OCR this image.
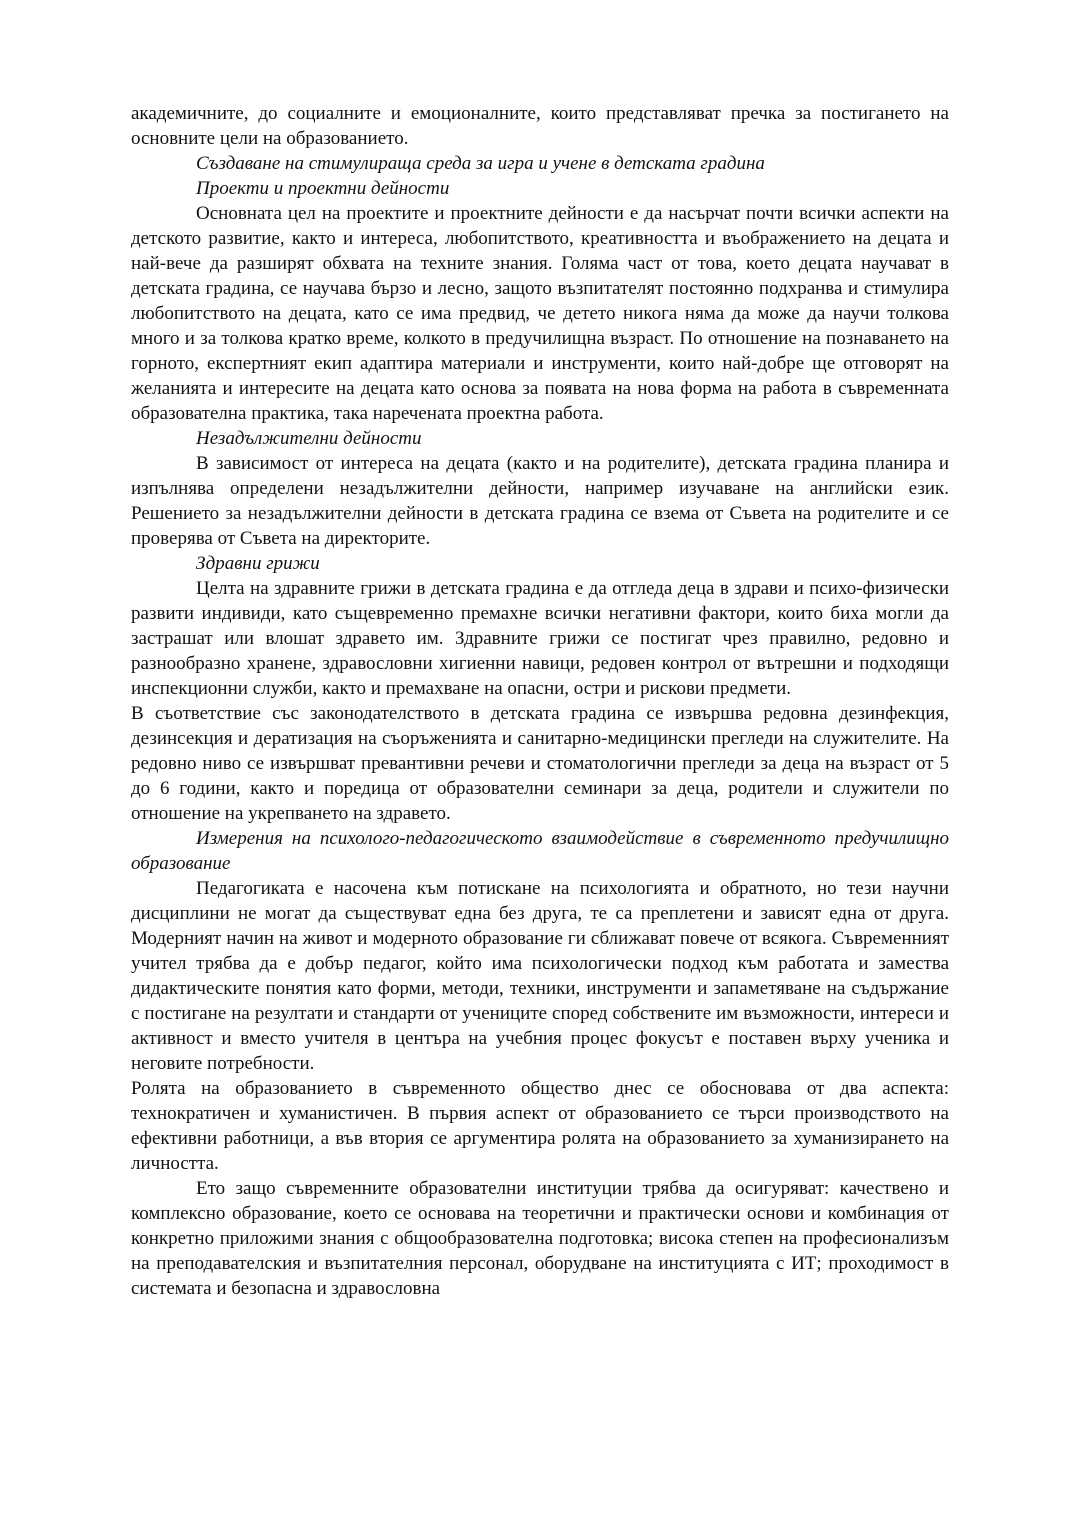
академичните, до социалните и емоционалните, които представляват пречка за постигането на основните цели на образованието.

Създаване на стимулираща среда за игра и учене в детската градина

Проекти и проектни дейности

Основната цел на проектите и проектните дейности е да насърчат почти всички аспекти на детското развитие, както и интереса, любопитството, креативността и въображението на децата и най-вече да разширят обхвата на техните знания. Голяма част от това, което децата научават в детската градина, се научава бързо и лесно, защото възпитателят постоянно подхранва и стимулира любопитството на децата, като се има предвид, че детето никога няма да може да научи толкова много и за толкова кратко време, колкото в предучилищна възраст. По отношение на познаването на горното, експертният екип адаптира материали и инструменти, които най-добре ще отговорят на желанията и интересите на децата като основа за появата на нова форма на работа в съвременната образователна практика, така наречената проектна работа.

Незадължителни дейности

В зависимост от интереса на децата (както и на родителите), детската градина планира и изпълнява определени незадължителни дейности, например изучаване на английски език. Решението за незадължителни дейности в детската градина се взема от Съвета на родителите и се проверява от Съвета на директорите.

Здравни грижи

Целта на здравните грижи в детската градина е да отгледа деца в здрави и психо-физически развити индивиди, като същевременно премахне всички негативни фактори, които биха могли да застрашат или влошат здравето им. Здравните грижи се постигат чрез правилно, редовно и разнообразно хранене, здравословни хигиенни навици, редовен контрол от вътрешни и подходящи инспекционни служби, както и премахване на опасни, остри и рискови предмети.

В съответствие със законодателството в детската градина се извършва редовна дезинфекция, дезинсекция и дератизация на съоръженията и санитарно-медицински прегледи на служителите. На редовно ниво се извършват превантивни речеви и стоматологични прегледи за деца на възраст от 5 до 6 години, както и поредица от образователни семинари за деца, родители и служители по отношение на укрепването на здравето.

Измерения на психолого-педагогическото взаимодействие в съвременното предучилищно образование

Педагогиката е насочена към потискане на психологията и обратното, но тези научни дисциплини не могат да съществуват една без друга, те са преплетени и зависят една от друга. Модерният начин на живот и модерното образование ги сближават повече от всякога. Съвременният учител трябва да е добър педагог, който има психологически подход към работата и замества дидактическите понятия като форми, методи, техники, инструменти и запаметяване на съдържание с постигане на резултати и стандарти от учениците според собствените им възможности, интереси и активност и вместо учителя в центъра на учебния процес фокусът е поставен върху ученика и неговите потребности.

Ролята на образованието в съвременното общество днес се обосновава от два аспекта: технократичен и хуманистичен. В първия аспект от образованието се търси производството на ефективни работници, а във втория се аргументира ролята на образованието за хуманизирането на личността.

Ето защо съвременните образователни институции трябва да осигуряват: качествено и комплексно образование, което се основава на теоретични и практически основи и комбинация от конкретно приложими знания с общообразователна подготовка; висока степен на професионализъм на преподавателския и възпитателния персонал, оборудване на институцията с ИТ; проходимост в системата и безопасна и здравословна
